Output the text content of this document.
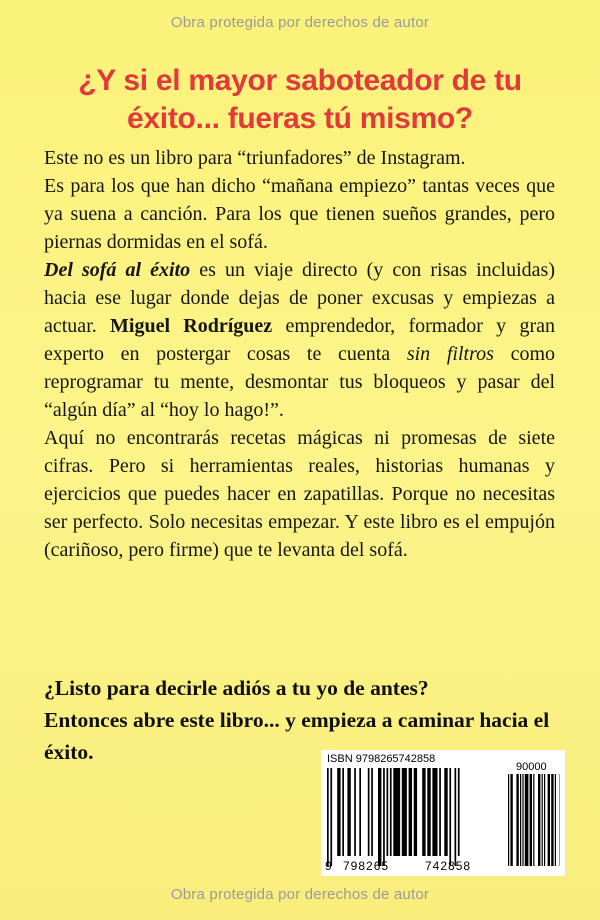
Obra protegida por derechos de autor
¿Y si el mayor saboteador de tu éxito... fueras tú mismo?

Este no es un libro para “triunfadores” de Instagram.

Es para los que han dicho “mañana empiezo” tantas veces que ya suena a canción. Para los que tienen sueños grandes, pero piernas dormidas en el sofá.

Del sofá al éxito es un viaje directo (y con risas incluidas) hacia ese lugar donde dejas de poner excusas y empiezas a actuar. Miguel Rodríguez emprendedor, formador y gran experto en postergar cosas te cuenta sin filtros como reprogramar tu mente, desmontar tus bloqueos y pasar del “algún día” al “hoy lo hago!”.

Aquí no encontrarás recetas mágicas ni promesas de siete cifras. Pero si herramientas reales, historias humanas y ejercicios que puedes hacer en zapatillas. Porque no necesitas ser perfecto. Solo necesitas empezar. Y este libro es el empujón (cariñoso, pero firme) que te levanta del sofá.

¿Listo para decirle adiós a tu yo de antes?

Entonces abre este libro... y empieza a caminar hacia el éxito.	ISBN 9798265742858
90000
9 798265	742858
Obra protegida por derechos de autor
